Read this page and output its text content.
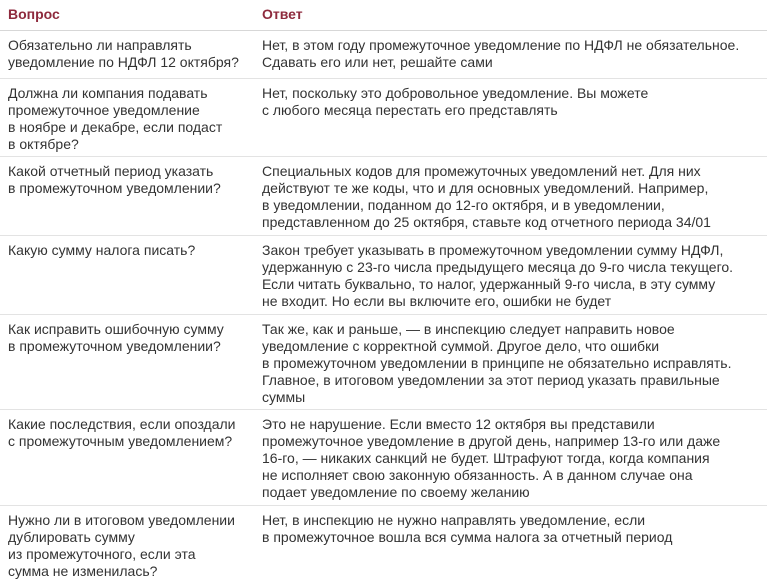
Вопрос	Ответ
Обязательно ли направлять
уведомление по НДФЛ 12 октября?
Нет, в этом году промежуточное уведомление по НДФЛ не обязательное.
Сдавать его или нет, решайте сами
Должна ли компания подавать
промежуточное уведомление
в ноябре и декабре, если подаст
в октябре?
Нет, поскольку это добровольное уведомление. Вы можете
с любого месяца перестать его представлять
Какой отчетный период указать
в промежуточном уведомлении?
Специальных кодов для промежуточных уведомлений нет. Для них
действуют те же коды, что и для основных уведомлений. Например,
в уведомлении, поданном до 12-го октября, и в уведомлении,
представленном до 25 октября, ставьте код отчетного периода 34/01
Какую сумму налога писать?	Закон требует указывать в промежуточном уведомлении сумму НДФЛ,
удержанную с 23-го числа предыдущего месяца до 9-го числа текущего.
Если читать буквально, то налог, удержанный 9-го числа, в эту сумму
не входит. Но если вы включите его, ошибки не будет
Как исправить ошибочную сумму
в промежуточном уведомлении?
Так же, как и раньше, — в инспекцию следует направить новое
уведомление с корректной суммой. Другое дело, что ошибки
в промежуточном уведомлении в принципе не обязательно исправлять.
Главное, в итоговом уведомлении за этот период указать правильные
суммы
Какие последствия, если опоздали
с промежуточным уведомлением?
Это не нарушение. Если вместо 12 октября вы представили
промежуточное уведомление в другой день, например 13-го или даже
16-го, — никаких санкций не будет. Штрафуют тогда, когда компания
не исполняет свою законную обязанность. А в данном случае она
подает уведомление по своему желанию
Нужно ли в итоговом уведомлении
дублировать сумму
из промежуточного, если эта
сумма не изменилась?
Нет, в инспекцию не нужно направлять уведомление, если
в промежуточное вошла вся сумма налога за отчетный период
